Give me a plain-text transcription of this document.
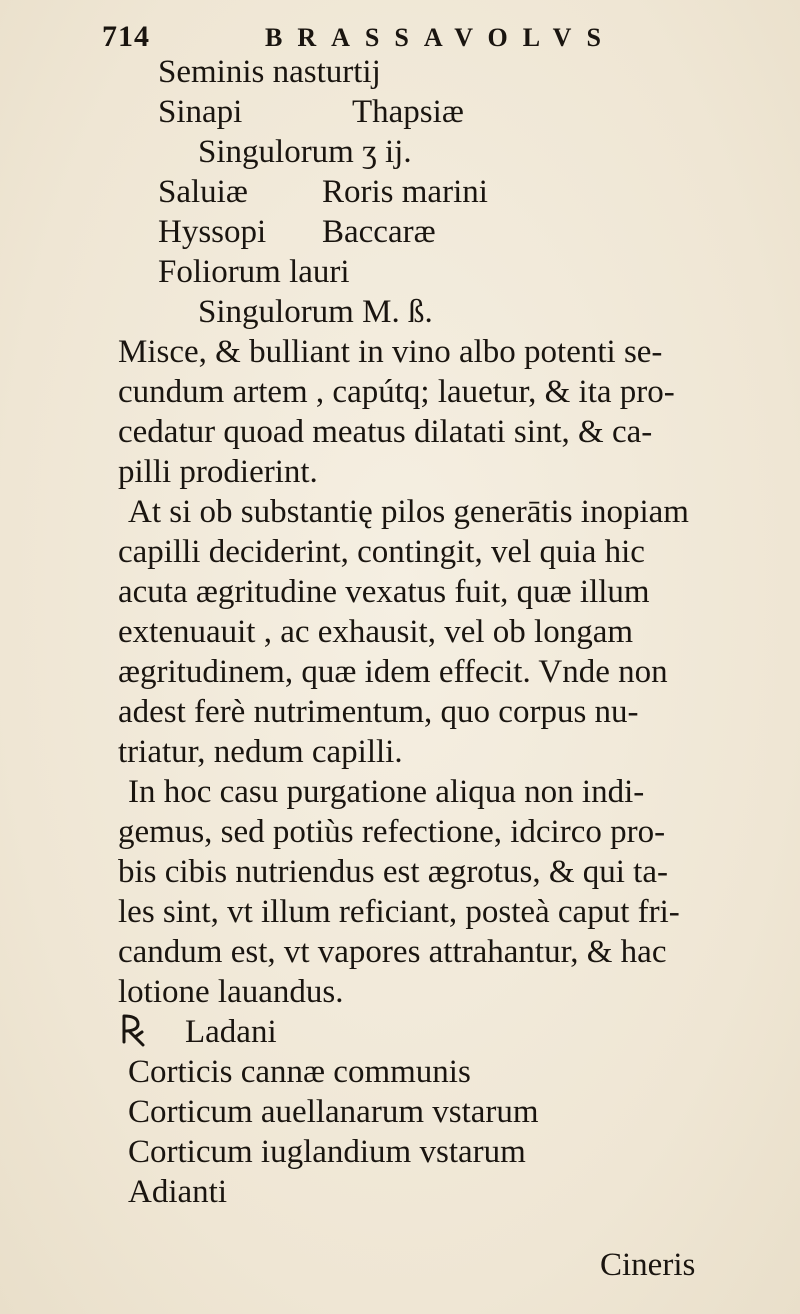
714	BRASSAVOLVS
Seminis nasturtij
Sinapi	Thapsiæ
Singulorum ʒ ij.
Saluiæ Roris marini
Hyssopi Baccaræ
Foliorum lauri
Singulorum M. ß.
Misce, & bulliant in vino albo potenti se-
cundum artem , capútq; lauetur, & ita pro-
cedatur quoad meatus dilatati sint, & ca-
pilli prodierint.
At si ob substantię pilos generātis inopiam
capilli deciderint, contingit, vel quia hic
acuta ægritudine vexatus fuit, quæ illum
extenuauit , ac exhausit, vel ob longam
ægritudinem, quæ idem effecit. Vnde non
adest ferè nutrimentum, quo corpus nu-
triatur, nedum capilli.
In hoc casu purgatione aliqua non indi-
gemus, sed potiùs refectione, idcirco pro-
bis cibis nutriendus est ægrotus, & qui ta-
les sint, vt illum reficiant, posteà caput fri-
candum est, vt vapores attrahantur, & hac
lotione lauandus.
Ladani
Corticis cannæ communis
Corticum auellanarum vstarum
Corticum iuglandium vstarum
Adianti
Cineris
